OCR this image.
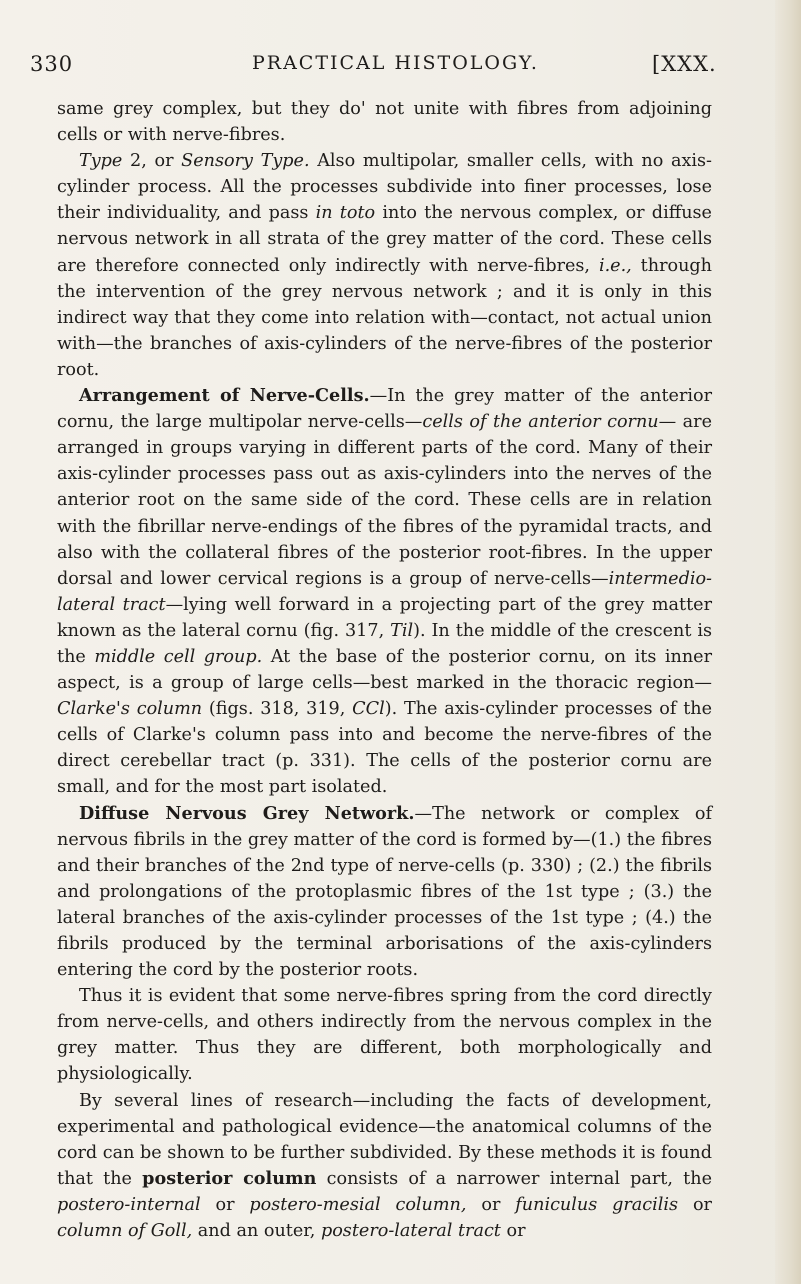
330	PRACTICAL HISTOLOGY.	[XXX.

same grey complex, but they do' not unite with fibres from adjoining cells or with nerve-fibres.

Type 2, or Sensory Type. Also multipolar, smaller cells, with no axis-cylinder process. All the processes subdivide into finer processes, lose their individuality, and pass in toto into the nervous complex, or diffuse nervous network in all strata of the grey matter of the cord. These cells are therefore connected only indirectly with nerve-fibres, i.e., through the intervention of the grey nervous network ; and it is only in this indirect way that they come into relation with—contact, not actual union with—the branches of axis-cylinders of the nerve-fibres of the posterior root.

Arrangement of Nerve-Cells.—In the grey matter of the anterior cornu, the large multipolar nerve-cells—cells of the anterior cornu— are arranged in groups varying in different parts of the cord. Many of their axis-cylinder processes pass out as axis-cylinders into the nerves of the anterior root on the same side of the cord. These cells are in relation with the fibrillar nerve-endings of the fibres of the pyramidal tracts, and also with the collateral fibres of the posterior root-fibres. In the upper dorsal and lower cervical regions is a group of nerve-cells—intermedio-lateral tract—lying well forward in a projecting part of the grey matter known as the lateral cornu (fig. 317, Til). In the middle of the crescent is the middle cell group. At the base of the posterior cornu, on its inner aspect, is a group of large cells—best marked in the thoracic region— Clarke's column (figs. 318, 319, CCl). The axis-cylinder processes of the cells of Clarke's column pass into and become the nerve-fibres of the direct cerebellar tract (p. 331). The cells of the posterior cornu are small, and for the most part isolated.

Diffuse Nervous Grey Network.—The network or complex of nervous fibrils in the grey matter of the cord is formed by—(1.) the fibres and their branches of the 2nd type of nerve-cells (p. 330) ; (2.) the fibrils and prolongations of the protoplasmic fibres of the 1st type ; (3.) the lateral branches of the axis-cylinder processes of the 1st type ; (4.) the fibrils produced by the terminal arborisations of the axis-cylinders entering the cord by the posterior roots.

Thus it is evident that some nerve-fibres spring from the cord directly from nerve-cells, and others indirectly from the nervous complex in the grey matter. Thus they are different, both morphologically and physiologically.

By several lines of research—including the facts of development, experimental and pathological evidence—the anatomical columns of the cord can be shown to be further subdivided. By these methods it is found that the posterior column consists of a narrower internal part, the postero-internal or postero-mesial column, or funiculus gracilis or column of Goll, and an outer, postero-lateral tract or
